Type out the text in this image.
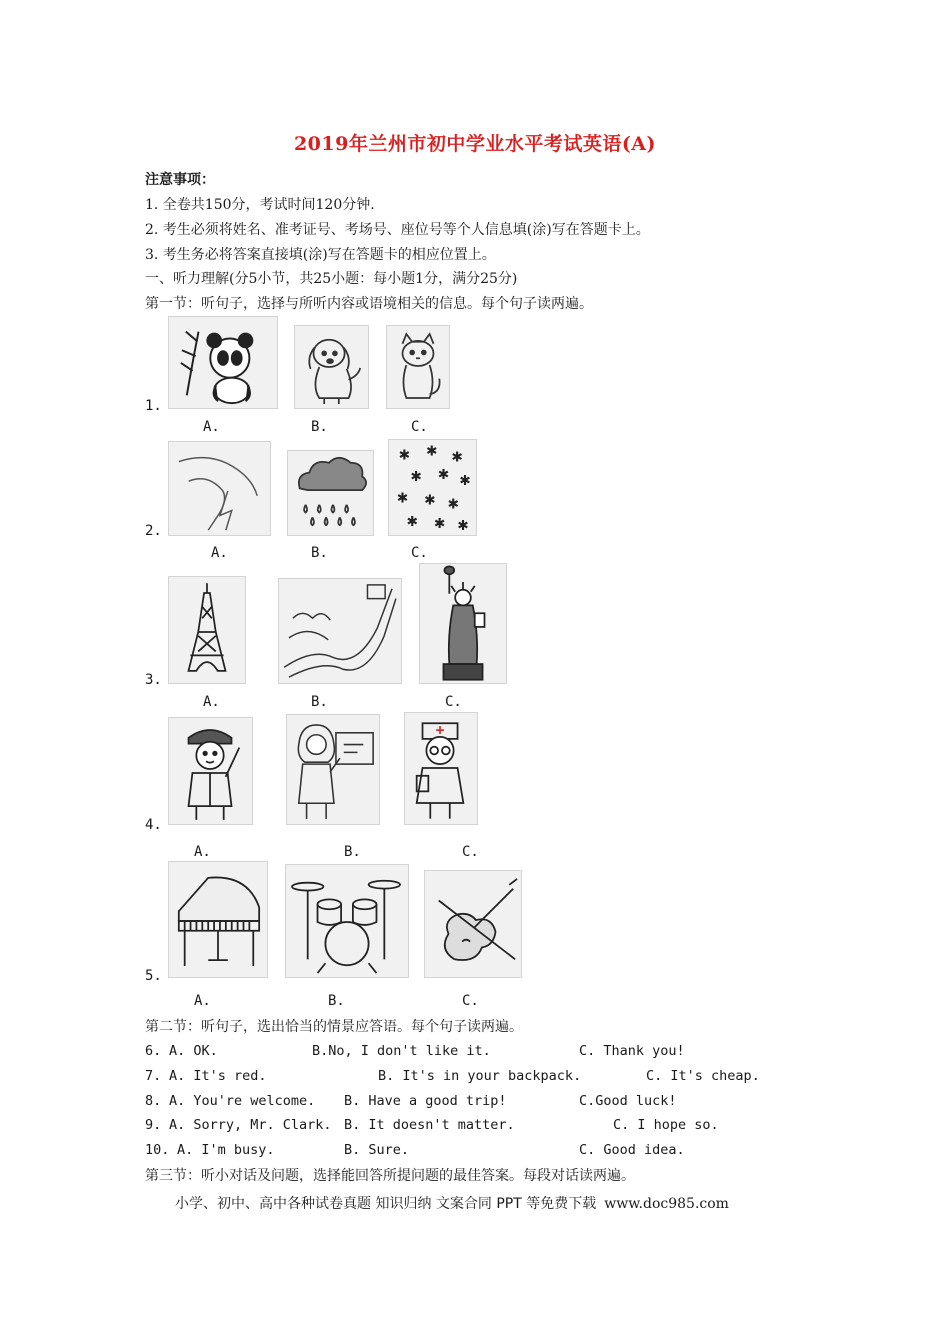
2019年兰州市初中学业水平考试英语(A)
注意事项：
1. 全卷共150分，考试时间120分钟.
2. 考生必须将姓名、准考证号、考场号、座位号等个人信息填(涂)写在答题卡上。
3. 考生务必将答案直接填(涂)写在答题卡的相应位置上。
一、听力理解(分5小节，共25小题：每小题1分，满分25分)
第一节：听句子，选择与所听内容或语境相关的信息。每个句子读两遍。
1.
A.	B.	C.
✱ ✱ ✱
✱ ✱ ✱
✱ ✱ ✱
✱ ✱ ✱
2.
A.	B.	C.
3.
A.	B.	C.
4.
A.	B.	C.
5.
A.	B.	C.
第二节：听句子，选出恰当的情景应答语。每个句子读两遍。
6. A. OK.	B.No, I don't like it.	C. Thank you!
7. A. It's red.	B. It's in your backpack.	C. It's cheap.
8. A. You're welcome. B. Have a good trip!	C.Good luck!
9. A. Sorry, Mr. Clark. B. It doesn't matter.	C. I hope so.
10. A. I'm busy.	B. Sure.	C. Good idea.
第三节：听小对话及问题，选择能回答所提问题的最佳答案。每段对话读两遍。
小学、初中、高中各种试卷真题 知识归纳 文案合同 PPT 等免费下载 www.doc985.com
